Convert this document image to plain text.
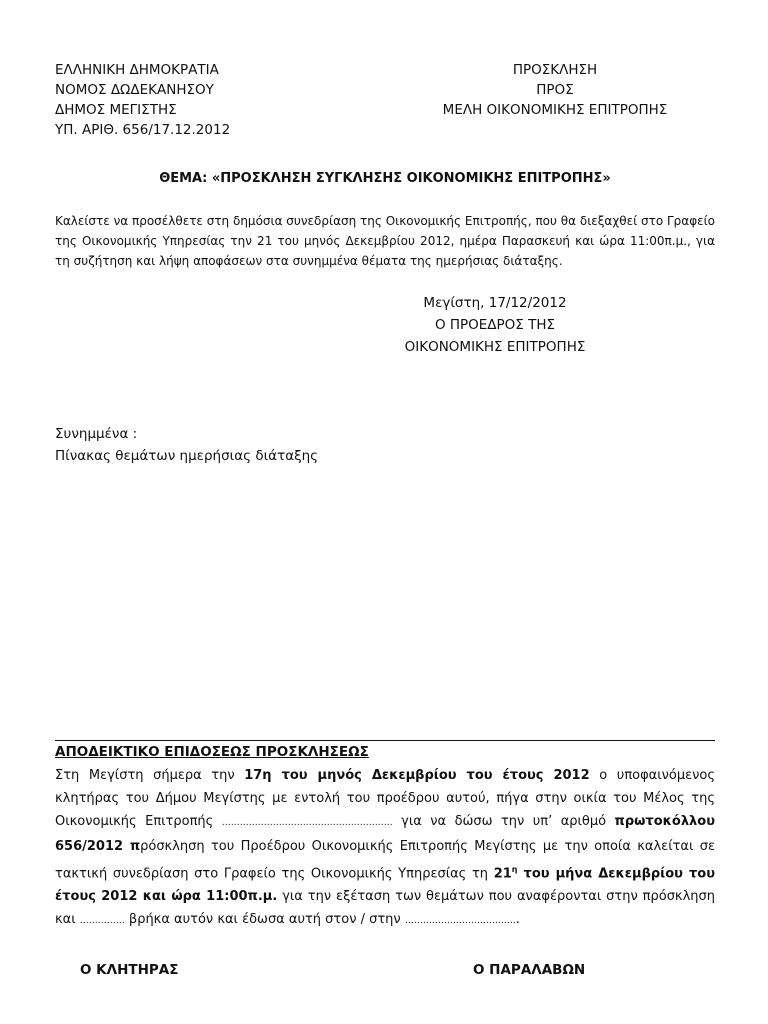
ΕΛΛΗΝΙΚΗ ΔΗΜΟΚΡΑΤΙΑ
ΝΟΜΟΣ ΔΩΔΕΚΑΝΗΣΟΥ
ΔΗΜΟΣ ΜΕΓΙΣΤΗΣ
ΥΠ. ΑΡΙΘ. 656/17.12.2012
ΠΡΟΣΚΛΗΣΗ
ΠΡΟΣ
ΜΕΛΗ ΟΙΚΟΝΟΜΙΚΗΣ ΕΠΙΤΡΟΠΗΣ
ΘΕΜΑ: «ΠΡΟΣΚΛΗΣΗ ΣΥΓΚΛΗΣΗΣ ΟΙΚΟΝΟΜΙΚΗΣ ΕΠΙΤΡΟΠΗΣ»
Καλείστε να προσέλθετε στη δημόσια συνεδρίαση της Οικονομικής Επιτροπής, που θα διεξαχθεί στο Γραφείο της Οικονομικής Υπηρεσίας την 21 του μηνός Δεκεμβρίου 2012, ημέρα Παρασκευή και ώρα 11:00π.μ., για τη συζήτηση και λήψη αποφάσεων στα συνημμένα θέματα της ημερήσιας διάταξης.
Μεγίστη, 17/12/2012
Ο ΠΡΟΕΔΡΟΣ ΤΗΣ
ΟΙΚΟΝΟΜΙΚΗΣ ΕΠΙΤΡΟΠΗΣ
Συνημμένα :
Πίνακας θεμάτων ημερήσιας διάταξης
ΑΠΟΔΕΙΚΤΙΚΟ ΕΠΙΔΟΣΕΩΣ ΠΡΟΣΚΛΗΣΕΩΣ
Στη Μεγίστη σήμερα την 17η του μηνός Δεκεμβρίου του έτους 2012 ο υποφαινόμενος κλητήρας του Δήμου Μεγίστης με εντολή του προέδρου αυτού, πήγα στην οικία του Μέλος της Οικονομικής Επιτροπής ………………………………………………… για να δώσω την υπ’ αριθμό πρωτοκόλλου 656/2012 πρόσκληση του Προέδρου Οικονομικής Επιτροπής Μεγίστης με την οποία καλείται σε τακτική συνεδρίαση στο Γραφείο της Οικονομικής Υπηρεσίας τη $21^\eta$ του μήνα Δεκεμβρίου του έτους 2012 και ώρα 11:00π.μ. για την εξέταση των θεμάτων που αναφέρονται στην πρόσκληση και …………… βρήκα αυτόν και έδωσα αυτή στον / στην ………………………………..
Ο ΚΛΗΤΗΡΑΣ	Ο ΠΑΡΑΛΑΒΩΝ
